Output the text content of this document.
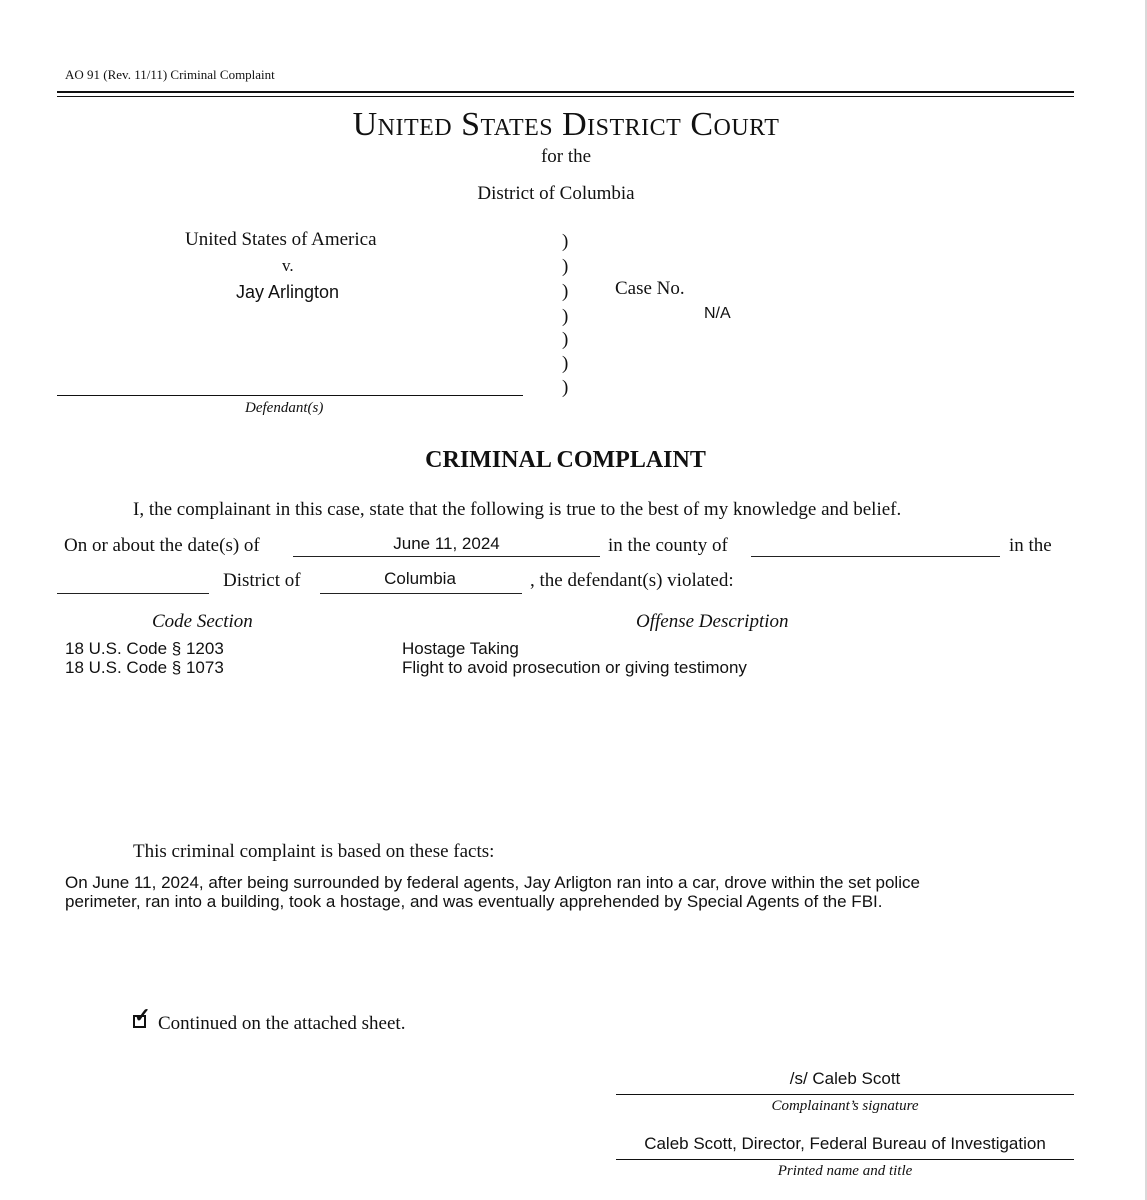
AO 91 (Rev. 11/11) Criminal Complaint
United States District Court
for the
District of Columbia
United States of America
v.
Jay Arlington
Defendant(s)
)
)
)
)
)
)
)
Case No.
N/A
CRIMINAL COMPLAINT
I, the complainant in this case, state that the following is true to the best of my knowledge and belief.
On or about the date(s) of	June 11, 2024	in the county of	in the
District of	Columbia	, the defendant(s) violated:
Code Section	Offense Description
18 U.S. Code § 1203	Hostage Taking
18 U.S. Code § 1073	Flight to avoid prosecution or giving testimony
This criminal complaint is based on these facts:
On June 11, 2024, after being surrounded by federal agents, Jay Arligton ran into a car, drove within the set police
perimeter, ran into a building, took a hostage, and was eventually apprehended by Special Agents of the FBI.
✓ Continued on the attached sheet.
/s/ Caleb Scott
Complainant’s signature
Caleb Scott, Director, Federal Bureau of Investigation
Printed name and title
